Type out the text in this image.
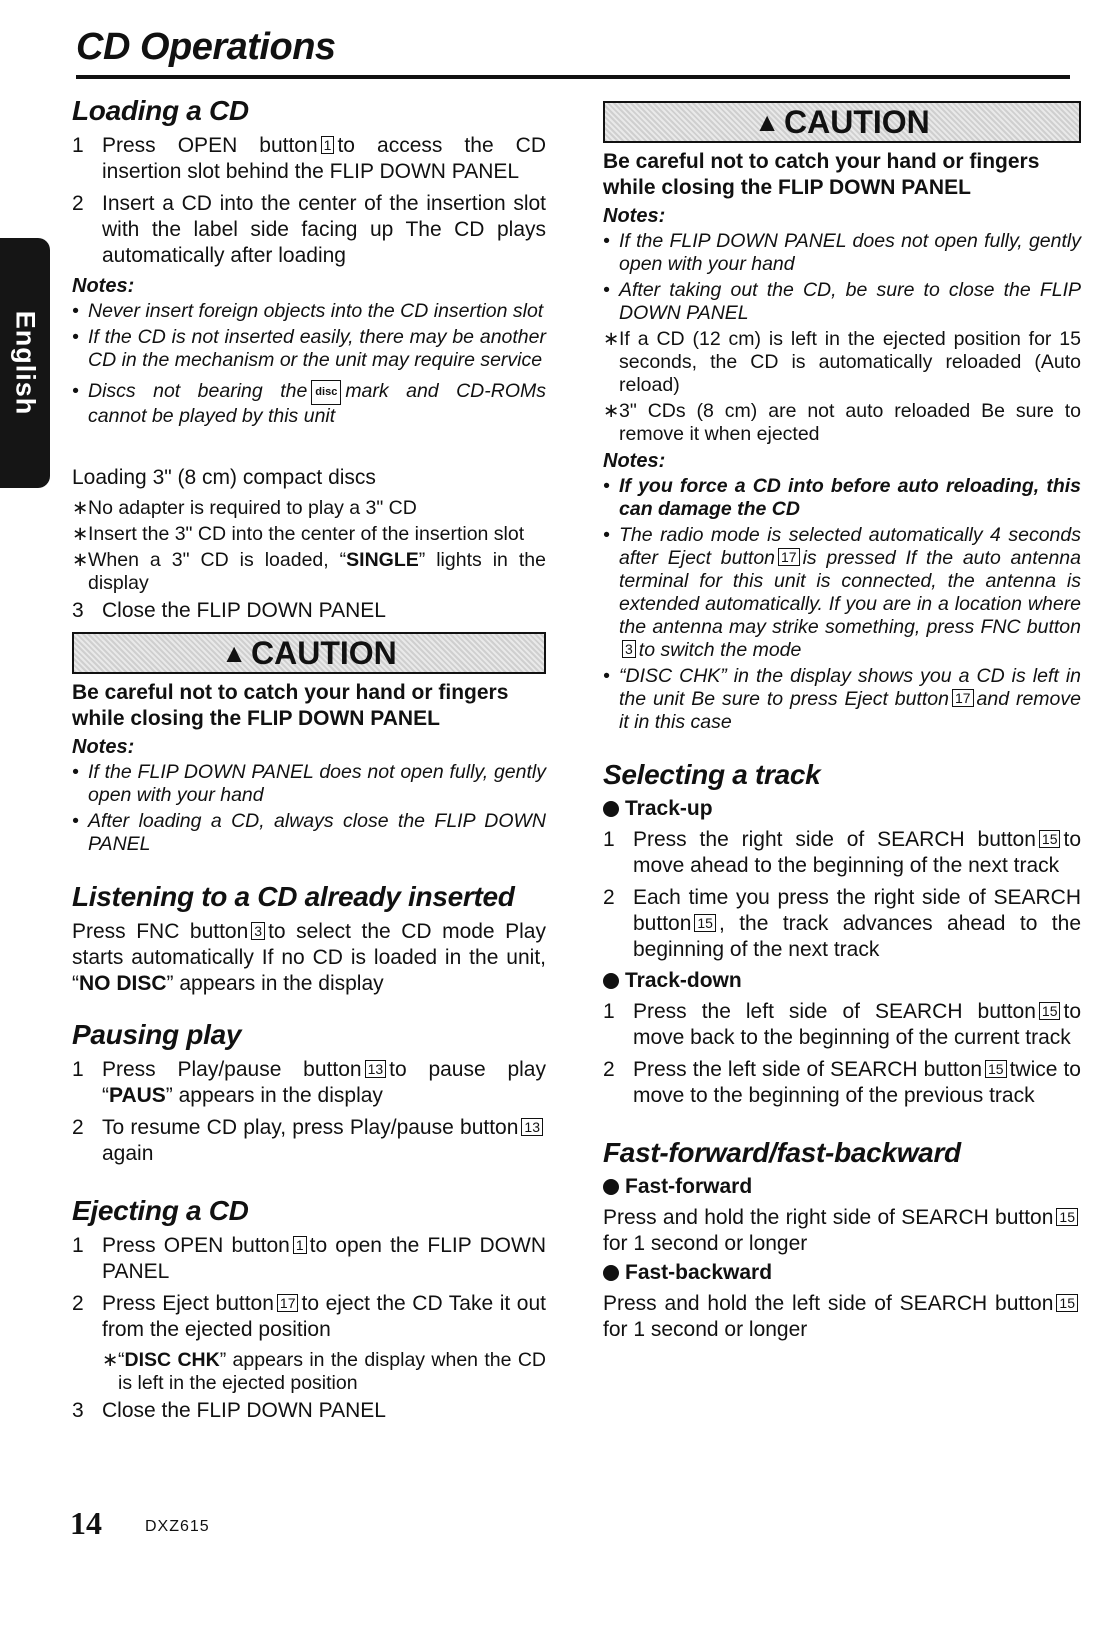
CD Operations
English
Loading a CD
1 Press OPEN button 1 to access the CD insertion slot behind the FLIP DOWN PANEL
2 Insert a CD into the center of the insertion slot with the label side facing up The CD plays automatically after loading
Notes:
• Never insert foreign objects into the CD insertion slot
• If the CD is not inserted easily, there may be another CD in the mechanism or the unit may require service
• Discs not bearing the disc mark and CD-ROMs cannot be played by this unit
Loading 3" (8 cm) compact discs
∗ No adapter is required to play a 3" CD
∗ Insert the 3" CD into the center of the insertion slot
∗ When a 3" CD is loaded, “SINGLE” lights in the display
3 Close the FLIP DOWN PANEL
▲ CAUTION
Be careful not to catch your hand or fingers while closing the FLIP DOWN PANEL
Notes:
• If the FLIP DOWN PANEL does not open fully, gently open with your hand
• After loading a CD, always close the FLIP DOWN PANEL
Listening to a CD already inserted
Press FNC button 3 to select the CD mode Play starts automatically If no CD is loaded in the unit, “NO DISC” appears in the display
Pausing play
1 Press Play/pause button 13 to pause play “PAUS” appears in the display
2 To resume CD play, press Play/pause button 13again
Ejecting a CD
1 Press OPEN button 1 to open the FLIP DOWN PANEL
2 Press Eject button 17 to eject the CD Take it out from the ejected position
∗ “DISC CHK” appears in the display when the CD is left in the ejected position
3 Close the FLIP DOWN PANEL
▲ CAUTION
Be careful not to catch your hand or fingers while closing the FLIP DOWN PANEL
Notes:
• If the FLIP DOWN PANEL does not open fully, gently open with your hand
• After taking out the CD, be sure to close the FLIP DOWN PANEL
∗ If a CD (12 cm) is left in the ejected position for 15 seconds, the CD is automatically reloaded (Auto reload)
∗ 3" CDs (8 cm) are not auto reloaded Be sure to remove it when ejected
Notes:
• If you force a CD into before auto reloading, this can damage the CD
• The radio mode is selected automatically 4 seconds after Eject button 17 is pressed If the auto antenna terminal for this unit is connected, the antenna is extended automatically. If you are in a location where the antenna may strike something, press FNC button3 to switch the mode
• “DISC CHK” in the display shows you a CD is left in the unit Be sure to press Eject button 17 and remove it in this case
Selecting a track
Track-up
1 Press the right side of SEARCH button 15 to move ahead to the beginning of the next track
2 Each time you press the right side of SEARCH button 15 , the track advances ahead to the beginning of the next track
Track-down
1 Press the left side of SEARCH button 15 to move back to the beginning of the current track
2 Press the left side of SEARCH button 15 twice to move to the beginning of the previous track
Fast-forward/fast-backward
Fast-forward
Press and hold the right side of SEARCH button 15for 1 second or longer
Fast-backward
Press and hold the left side of SEARCH button 15for 1 second or longer
14	DXZ615
